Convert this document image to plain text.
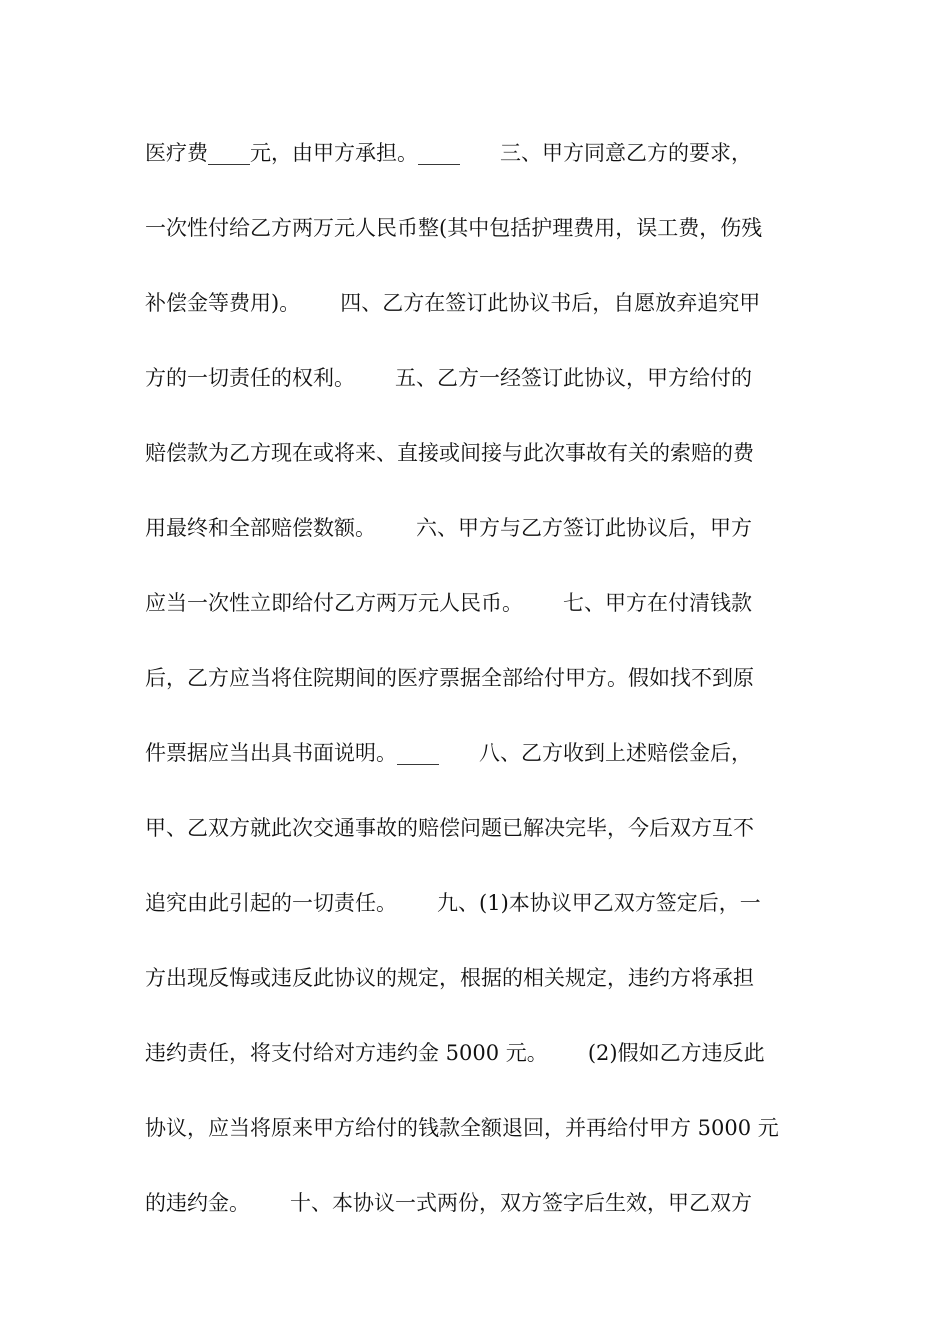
医疗费____元，由甲方承担。____      三、甲方同意乙方的要求，
一次性付给乙方两万元人民币整(其中包括护理费用，误工费，伤残
补偿金等费用)。      四、乙方在签订此协议书后，自愿放弃追究甲
方的一切责任的权利。      五、乙方一经签订此协议，甲方给付的
赔偿款为乙方现在或将来、直接或间接与此次事故有关的索赔的费
用最终和全部赔偿数额。      六、甲方与乙方签订此协议后，甲方
应当一次性立即给付乙方两万元人民币。      七、甲方在付清钱款
后，乙方应当将住院期间的医疗票据全部给付甲方。假如找不到原
件票据应当出具书面说明。____      八、乙方收到上述赔偿金后，
甲、乙双方就此次交通事故的赔偿问题已解决完毕，今后双方互不
追究由此引起的一切责任。      九、(1)本协议甲乙双方签定后，一
方出现反悔或违反此协议的规定，根据的相关规定，违约方将承担
违约责任，将支付给对方违约金 5000 元。      (2)假如乙方违反此
协议，应当将原来甲方给付的钱款全额退回，并再给付甲方 5000 元
的违约金。      十、本协议一式两份，双方签字后生效，甲乙双方
